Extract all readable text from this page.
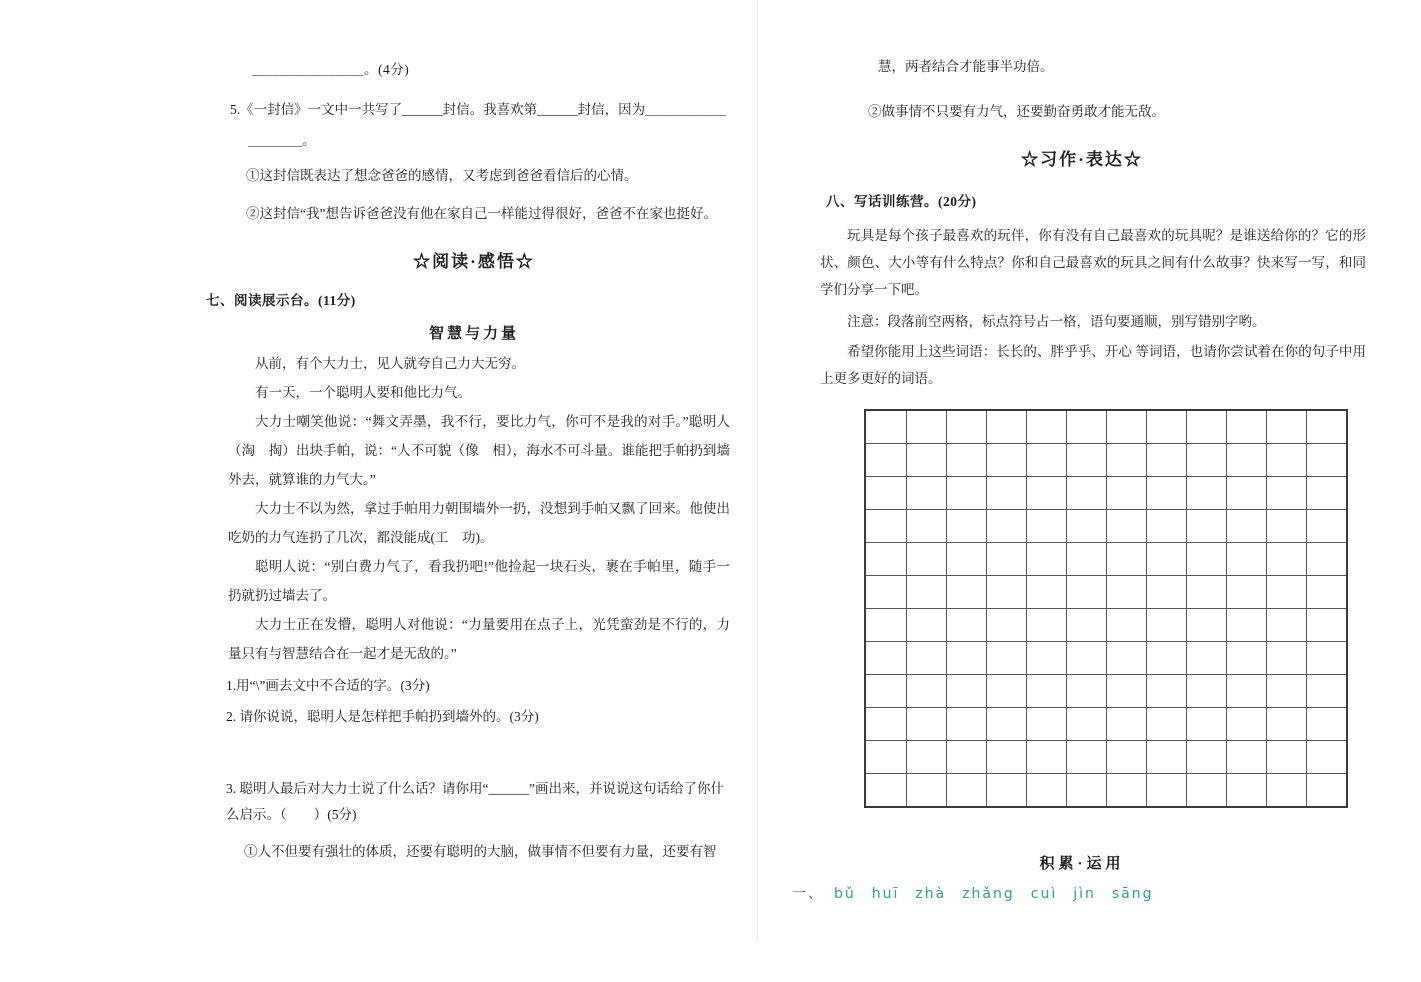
＿＿＿＿＿＿＿＿。(4分)

5.《一封信》一文中一共写了______封信。我喜欢第______封信，因为＿＿＿＿＿＿

＿＿＿＿。

①这封信既表达了想念爸爸的感情，又考虑到爸爸看信后的心情。

②这封信“我”想告诉爸爸没有他在家自己一样能过得很好，爸爸不在家也挺好。

☆阅读·感悟☆

七、阅读展示台。(11分)

智慧与力量

从前，有个大力士，见人就夸自己力大无穷。

有一天，一个聪明人要和他比力气。

大力士嘲笑他说：“舞文弄墨，我不行，要比力气，你可不是我的对手。”聪明人（淘　掏）出块手帕，说：“人不可貌（像　相），海水不可斗量。谁能把手帕扔到墙外去，就算谁的力气大。”

大力士不以为然，拿过手帕用力朝围墙外一扔，没想到手帕又飘了回来。他使出吃奶的力气连扔了几次，都没能成(工　功)。

聪明人说：“别白费力气了，看我扔吧!”他捡起一块石头，裹在手帕里，随手一扔就扔过墙去了。

大力士正在发懵，聪明人对他说：“力量要用在点子上，光凭蛮劲是不行的，力量只有与智慧结合在一起才是无敌的。”

1.用“\”画去文中不合适的字。(3分)

2. 请你说说，聪明人是怎样把手帕扔到墙外的。(3分)

3. 聪明人最后对大力士说了什么话？请你用“______”画出来，并说说这句话给了你什么启示。（　　）(5分)

①人不但要有强壮的体质，还要有聪明的大脑，做事情不但要有力量，还要有智

慧，两者结合才能事半功倍。

②做事情不只要有力气，还要勤奋勇敢才能无敌。

☆习作·表达☆

八、写话训练营。(20分)

玩具是每个孩子最喜欢的玩伴，你有没有自己最喜欢的玩具呢？是谁送给你的？它的形状、颜色、大小等有什么特点？你和自己最喜欢的玩具之间有什么故事？快来写一写，和同学们分享一下吧。

注意：段落前空两格，标点符号占一格，语句要通顺，别写错别字哟。

希望你能用上这些词语：长长的、胖乎乎、开心 等词语，也请你尝试着在你的句子中用上更多更好的词语。

积累·运用

一、 bǔ　huī　zhà　zhǎng　cuì　jìn　sāng
